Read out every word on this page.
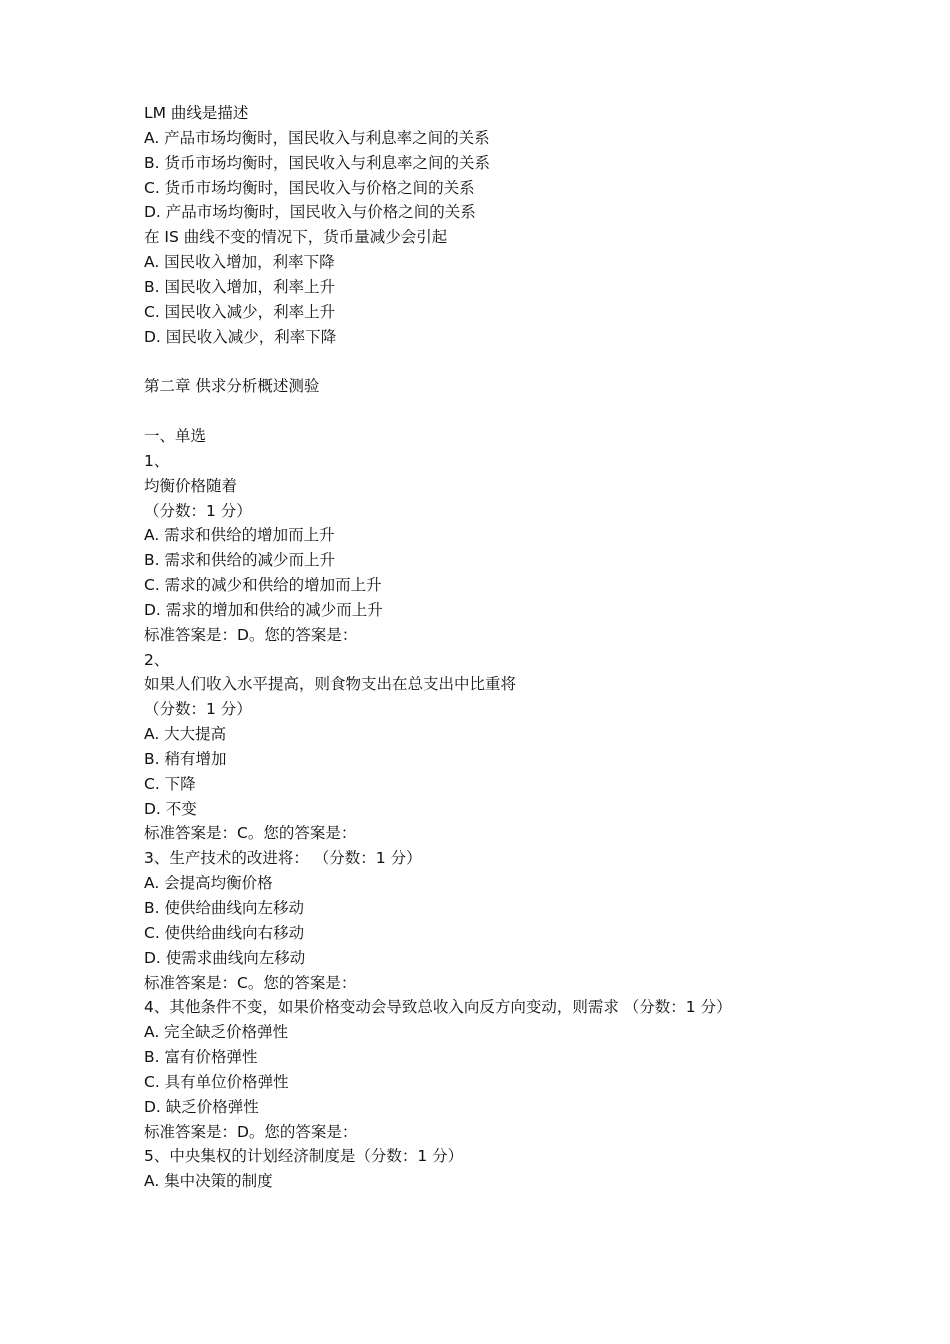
LM 曲线是描述
A. 产品市场均衡时，国民收入与利息率之间的关系
B. 货币市场均衡时，国民收入与利息率之间的关系
C. 货币市场均衡时，国民收入与价格之间的关系
D. 产品市场均衡时，国民收入与价格之间的关系
在 IS 曲线不变的情况下，货币量减少会引起
A. 国民收入增加，利率下降
B. 国民收入增加，利率上升
C. 国民收入减少，利率上升
D. 国民收入减少，利率下降
第二章 供求分析概述测验
一、单选
1、
均衡价格随着
（分数：1 分）
A. 需求和供给的增加而上升
B. 需求和供给的减少而上升
C. 需求的减少和供给的增加而上升
D. 需求的增加和供给的减少而上升
标准答案是：D。您的答案是：
2、
如果人们收入水平提高，则食物支出在总支出中比重将
（分数：1 分）
A. 大大提高
B. 稍有增加
C. 下降
D. 不变
标准答案是：C。您的答案是：
3、生产技术的改进将： （分数：1 分）
A. 会提高均衡价格
B. 使供给曲线向左移动
C. 使供给曲线向右移动
D. 使需求曲线向左移动
标准答案是：C。您的答案是：
4、其他条件不变，如果价格变动会导致总收入向反方向变动，则需求 （分数：1 分）
A. 完全缺乏价格弹性
B. 富有价格弹性
C. 具有单位价格弹性
D. 缺乏价格弹性
标准答案是：D。您的答案是：
5、中央集权的计划经济制度是（分数：1 分）
A. 集中决策的制度
